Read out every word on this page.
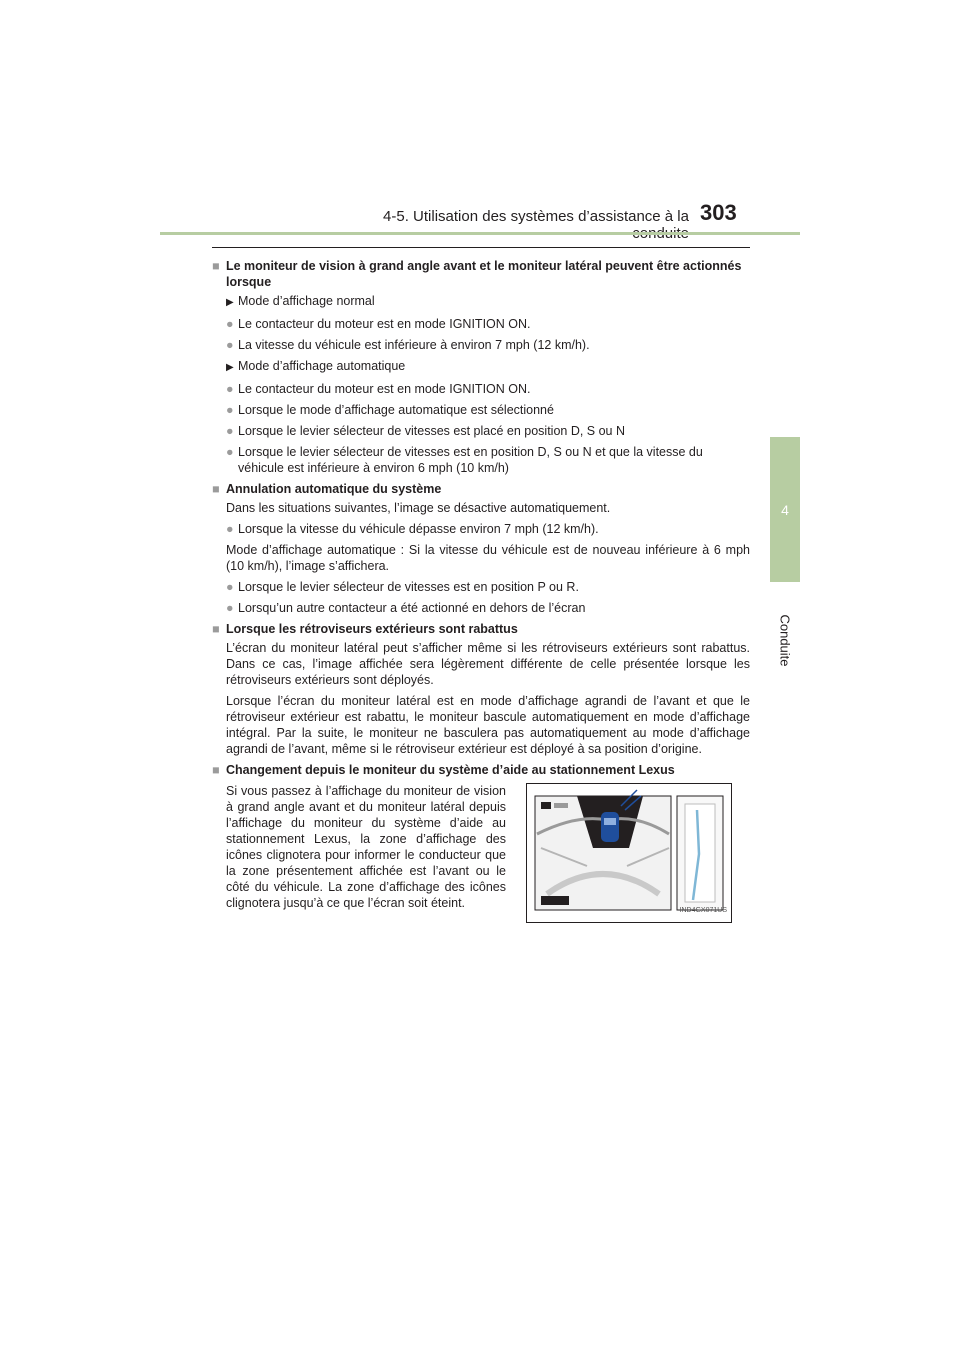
4-5. Utilisation des systèmes d’assistance à la 303
4
Conduite
■ Le moniteur de vision à grand angle avant et le moniteur latéral peuvent être actionnés lorsque
▶ Mode d’affichage normal
● Le contacteur du moteur est en mode IGNITION ON.
● La vitesse du véhicule est inférieure à environ 7 mph (12 km/h).
▶ Mode d’affichage automatique
● Le contacteur du moteur est en mode IGNITION ON.
● Lorsque le mode d’affichage automatique est sélectionné
● Lorsque le levier sélecteur de vitesses est placé en position D, S ou N
● Lorsque le levier sélecteur de vitesses est en position D, S ou N et que la vitesse du véhicule est inférieure à environ 6 mph (10 km/h)
■ Annulation automatique du système
Dans les situations suivantes, l’image se désactive automatiquement.
● Lorsque la vitesse du véhicule dépasse environ 7 mph (12 km/h).
Mode d’affichage automatique : Si la vitesse du véhicule est de nouveau inférieure à 6 mph (10 km/h), l’image s’affichera.
● Lorsque le levier sélecteur de vitesses est en position P ou R.
● Lorsqu’un autre contacteur a été actionné en dehors de l’écran
■ Lorsque les rétroviseurs extérieurs sont rabattus
L’écran du moniteur latéral peut s’afficher même si les rétroviseurs extérieurs sont rabattus. Dans ce cas, l’image affichée sera légèrement différente de celle présentée lorsque les rétroviseurs extérieurs sont déployés.
Lorsque l’écran du moniteur latéral est en mode d’affichage agrandi de l’avant et que le rétroviseur extérieur est rabattu, le moniteur bascule automatiquement en mode d’affichage intégral. Par la suite, le moniteur ne basculera pas automatiquement au mode d’affichage agrandi de l’avant, même si le rétroviseur extérieur est déployé à sa position d’origine.
■ Changement depuis le moniteur du système d’aide au stationnement Lexus
Si vous passez à l’affichage du moniteur de vision à grand angle avant et du moniteur latéral depuis l’affichage du moniteur du système d’aide au stationnement Lexus, la zone d’affichage des icônes clignotera pour informer le conducteur que la zone présentement affichée est l’avant ou le côté du véhicule. La zone d’affichage des icônes clignotera jusqu’à ce que l’écran soit éteint.
IND4GX071US
